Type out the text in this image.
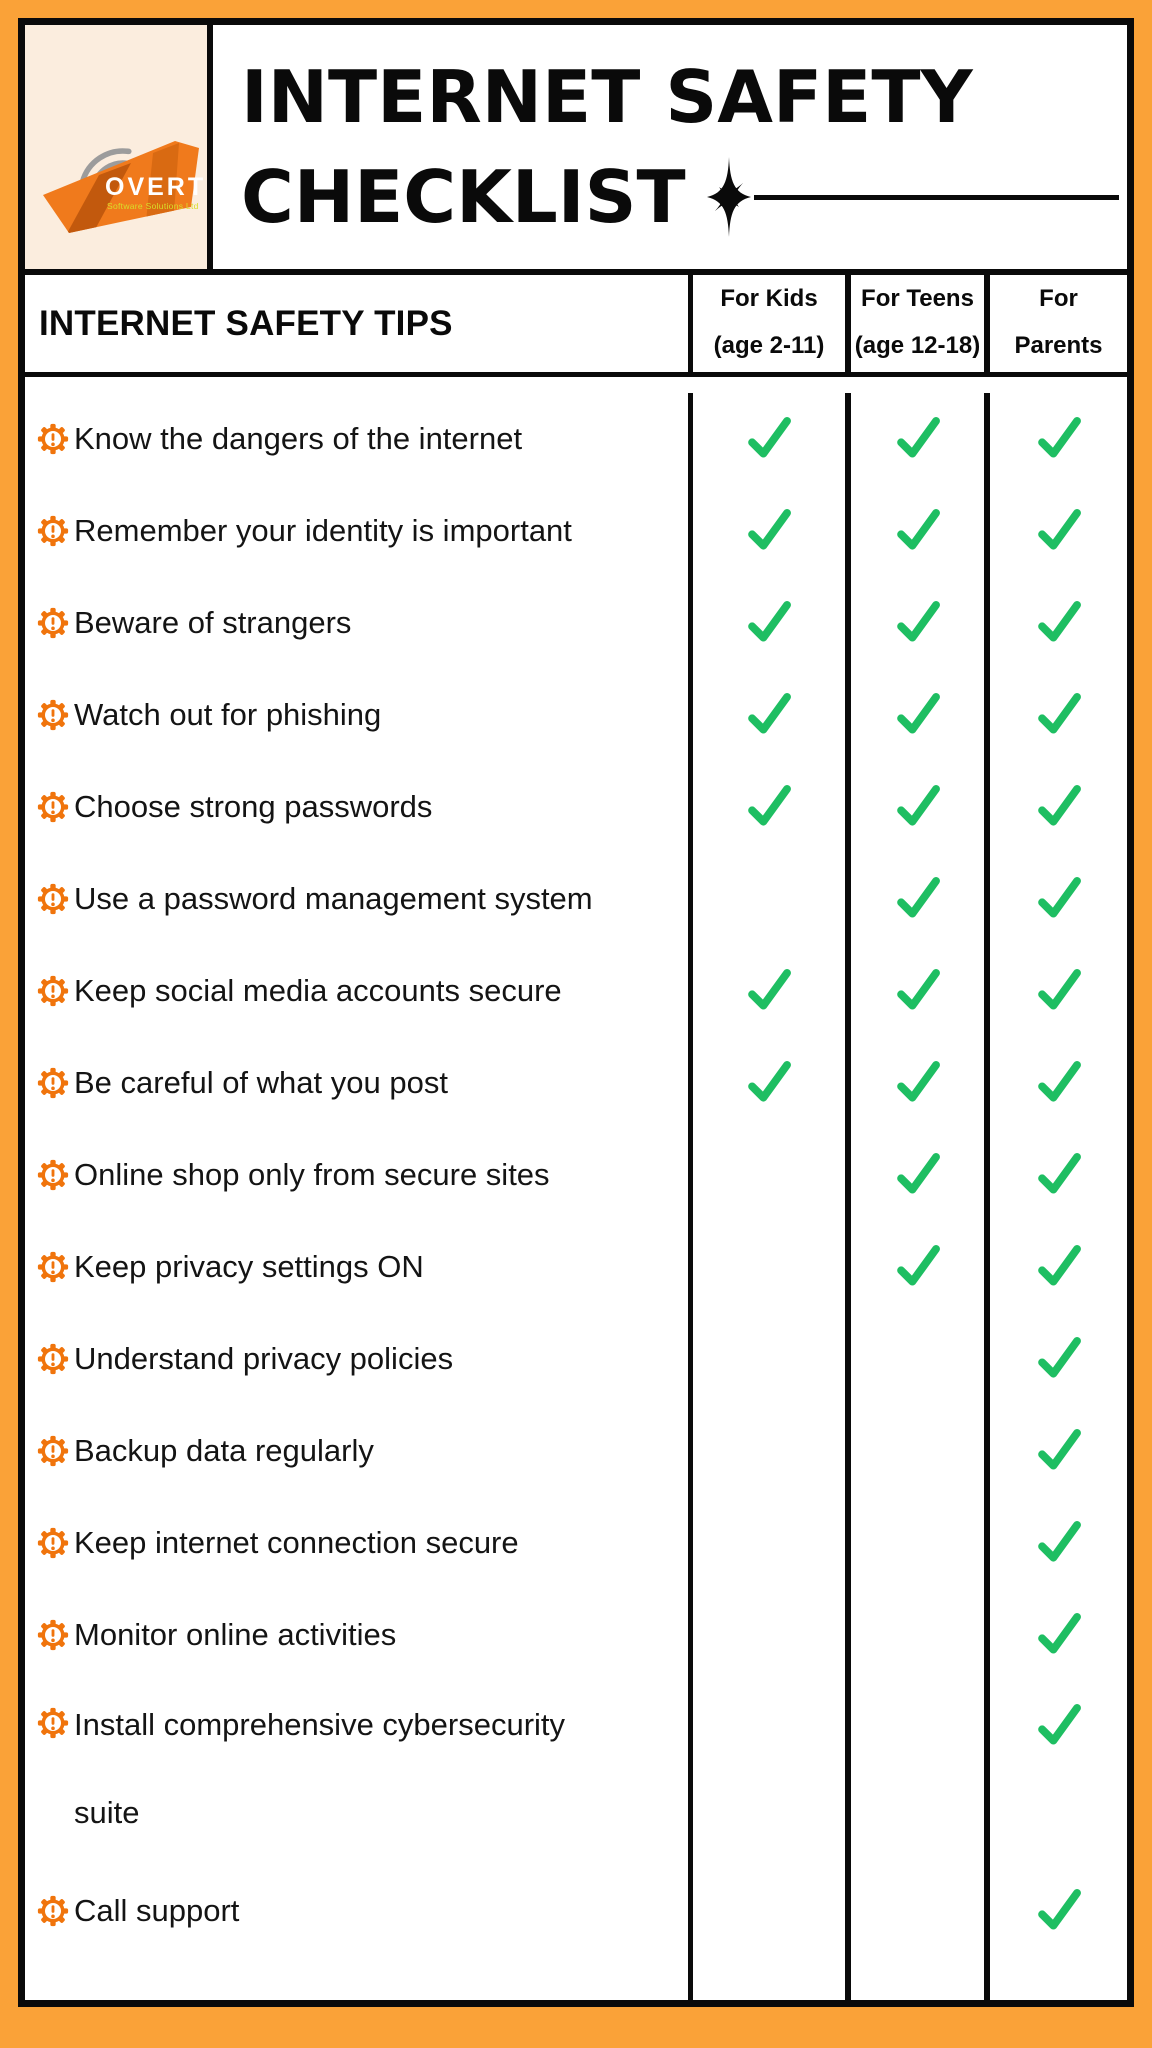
OVERT
Software Solutions Ltd
INTERNET SAFETY
CHECKLIST
INTERNET SAFETY TIPS
For Kids
(age 2-11)
For Teens
(age 12-18)
For
Parents
Know the dangers of the internet
Remember your identity is important
Beware of strangers
Watch out for phishing
Choose strong passwords
Use a password management system
Keep social media accounts secure
Be careful of what you post
Online shop only from secure sites
Keep privacy settings ON
Understand privacy policies
Backup data regularly
Keep internet connection secure
Monitor online activities
Install comprehensive cybersecurity suite
Call support
